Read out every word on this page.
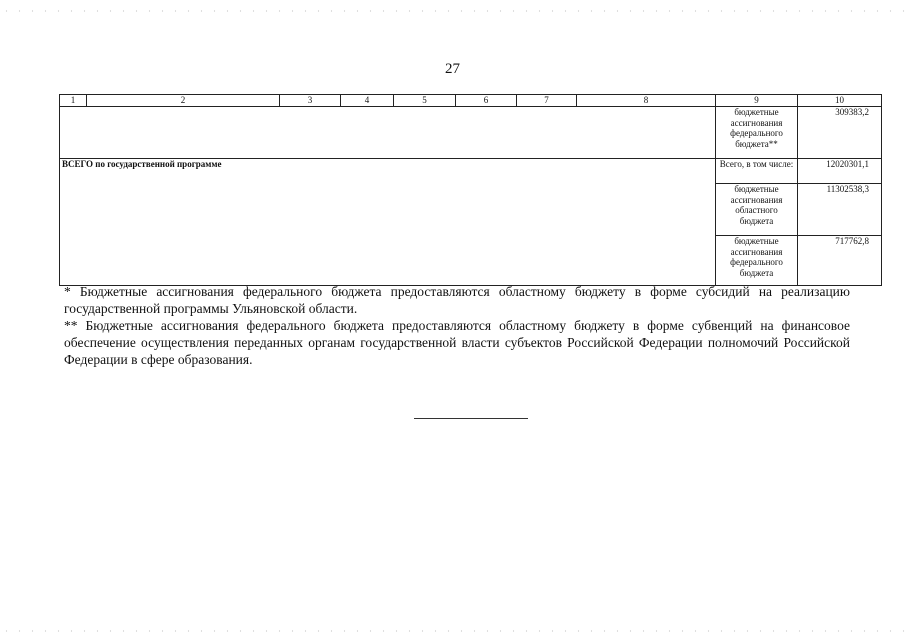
27
1	2	3	4	5	6	7	8	9	10
								бюджетные ассигнования федерального бюджета**	309383,2
ВСЕГО по государственной программе								Всего, в том числе:	12020301,1
								бюджетные ассигнования областного бюджета	11302538,3
								бюджетные ассигнования федерального бюджета	717762,8

* Бюджетные ассигнования федерального бюджета предоставляются областному бюджету в форме субсидий на реализацию государственной программы Ульяновской области.

** Бюджетные ассигнования федерального бюджета предоставляются областному бюджету в форме субвенций на финансовое обеспечение осуществления переданных органам государственной власти субъектов Российской Федерации полномочий Российской Федерации в сфере образования.
